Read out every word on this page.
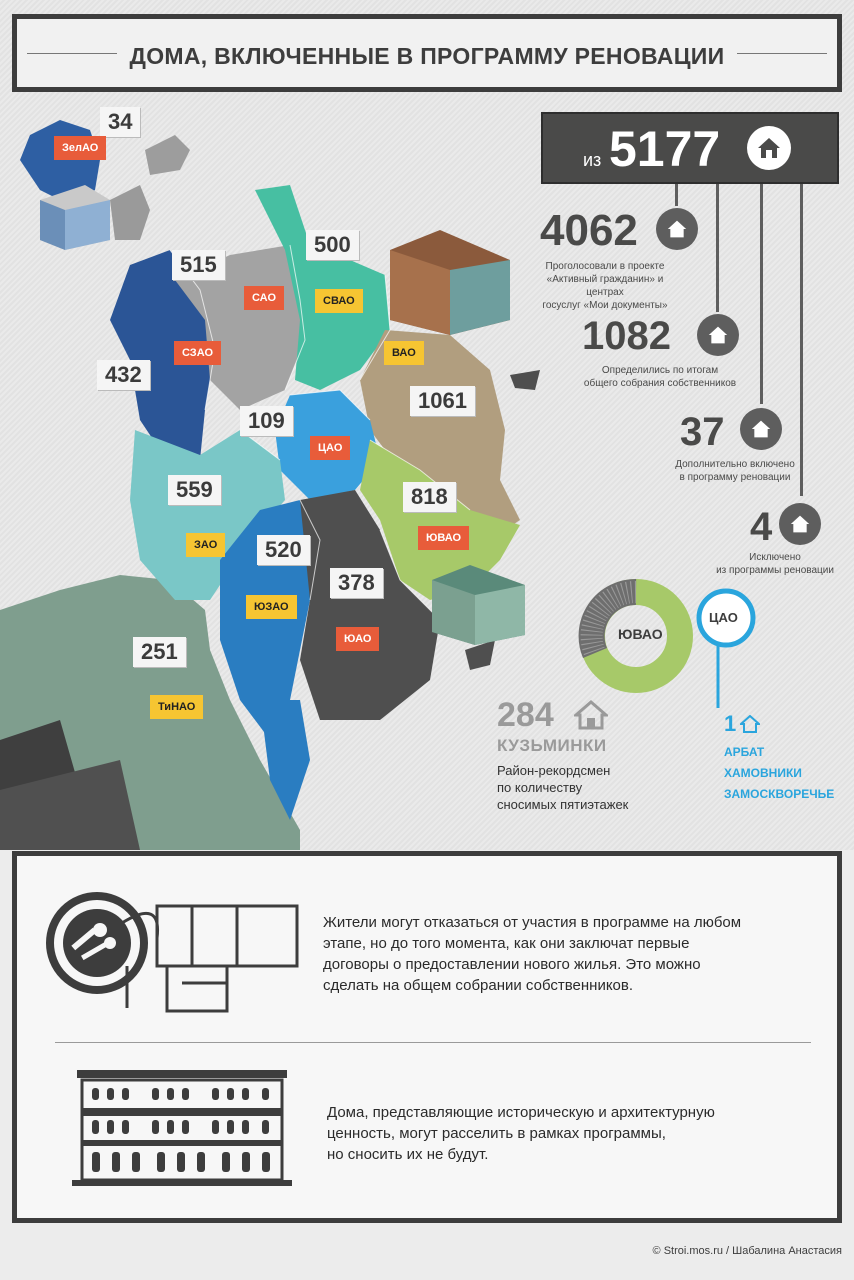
ДОМА, ВКЛЮЧЕННЫЕ В ПРОГРАММУ РЕНОВАЦИИ
34
515
500
432
1061
109
559	818
520
378
251
ЗелАО
САО	СВАО
СЗАО	ВАО
ЦАО
ЗАО
ЮВАО
ЮЗАО
ЮАО
ТиНАО
из 5177
4062
Проголосовали в проекте
«Активный гражданин» и центрах
госуслуг «Мои документы»
1082
Определились по итогам
общего собрания собственников
37
Дополнительно включено
в программу реновации
4
Исключено
из программы реновации
ЮВАО
ЦАО
284
КУЗЬМИНКИ
Район-рекордсмен
по количеству
сносимых пятиэтажек
1
АРБАТ
ХАМОВНИКИ
ЗАМОСКВОРЕЧЬЕ
Жители могут отказаться от участия в программе на любом
этапе, но до того момента, как они заключат первые
договоры о предоставлении нового жилья. Это можно
сделать на общем собрании собственников.
Дома, представляющие историческую и архитектурную
ценность, могут расселить в рамках программы,
но сносить их не будут.
© Stroi.mos.ru / Шабалина Анастасия
